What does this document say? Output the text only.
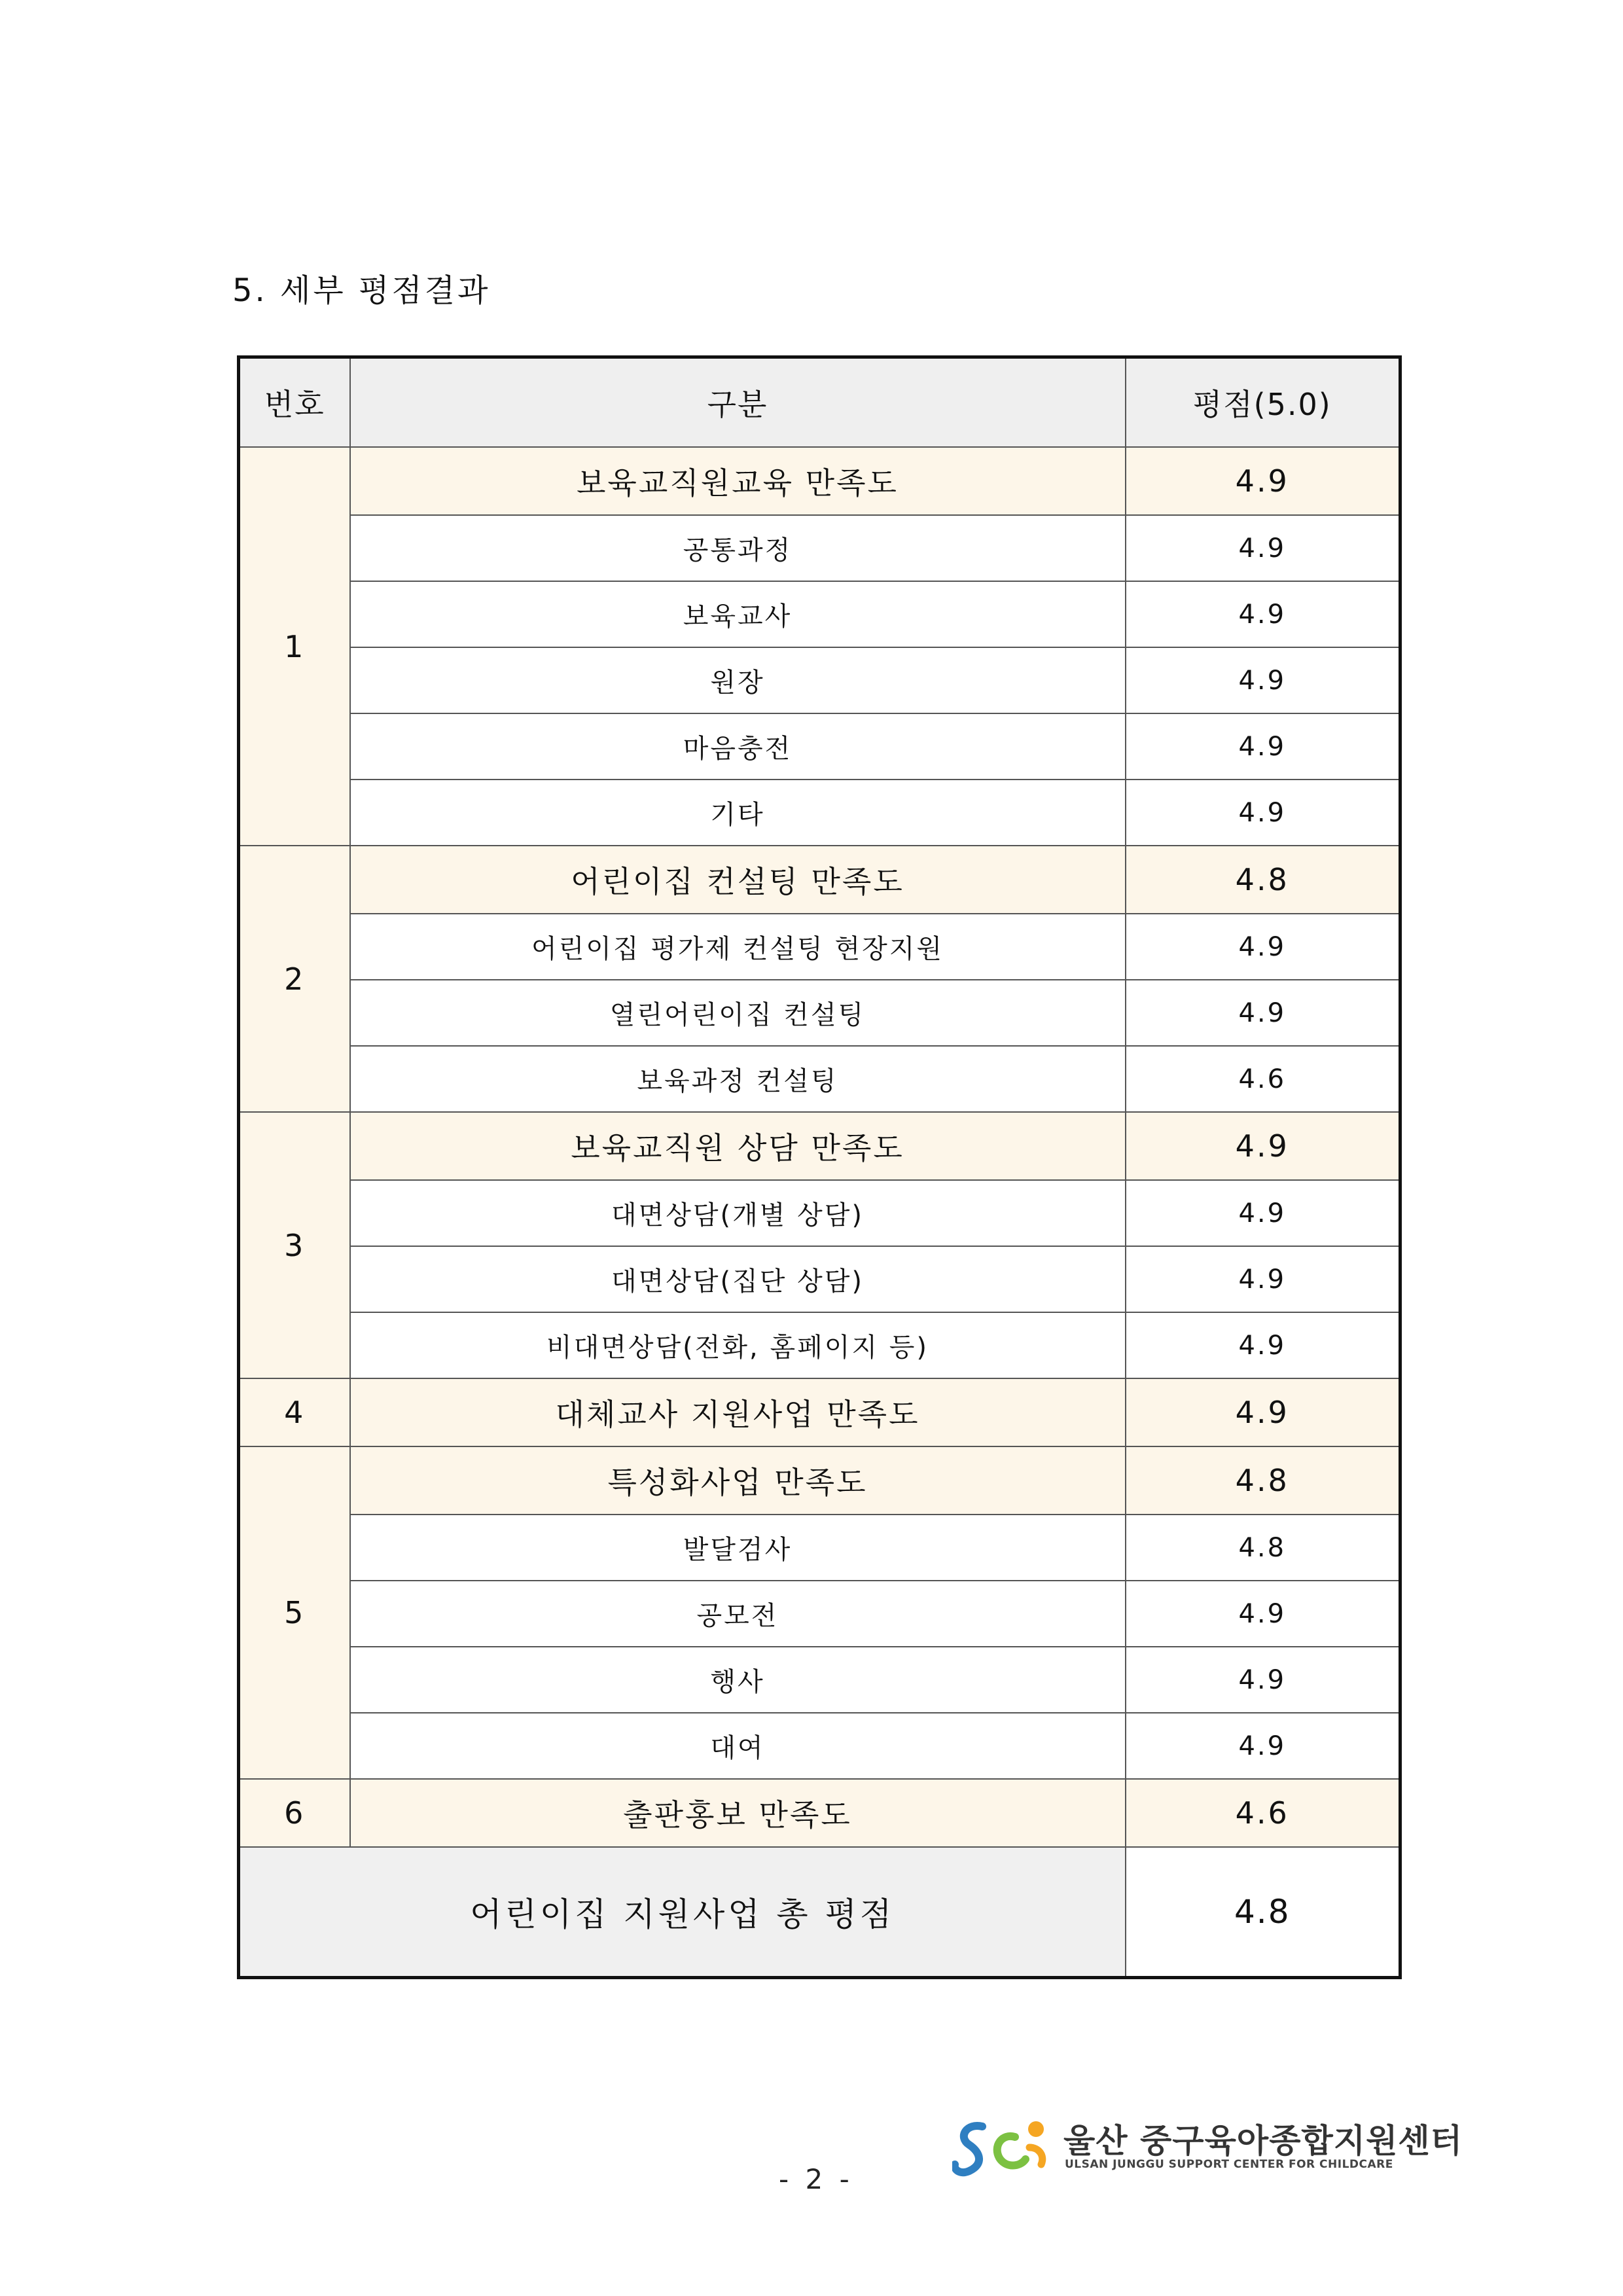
5. 세부 평점결과
번호	구분	평점(5.0)
1	보육교직원교육 만족도	4.9
	공통과정	4.9
	보육교사	4.9
	원장	4.9
	마음충전	4.9
	기타	4.9
2	어린이집 컨설팅 만족도	4.8
	어린이집 평가제 컨설팅 현장지원	4.9
	열린어린이집 컨설팅	4.9
	보육과정 컨설팅	4.6
3	보육교직원 상담 만족도	4.9
	대면상담(개별 상담)	4.9
	대면상담(집단 상담)	4.9
	비대면상담(전화, 홈페이지 등)	4.9
4	대체교사 지원사업 만족도	4.9
5	특성화사업 만족도	4.8
	발달검사	4.8
	공모전	4.9
	행사	4.9
	대여	4.9
6	출판홍보 만족도	4.6
어린이집 지원사업 총 평점		4.8
- 2 -
울산 중구육아종합지원센터
ULSAN JUNGGU SUPPORT CENTER FOR CHILDCARE
